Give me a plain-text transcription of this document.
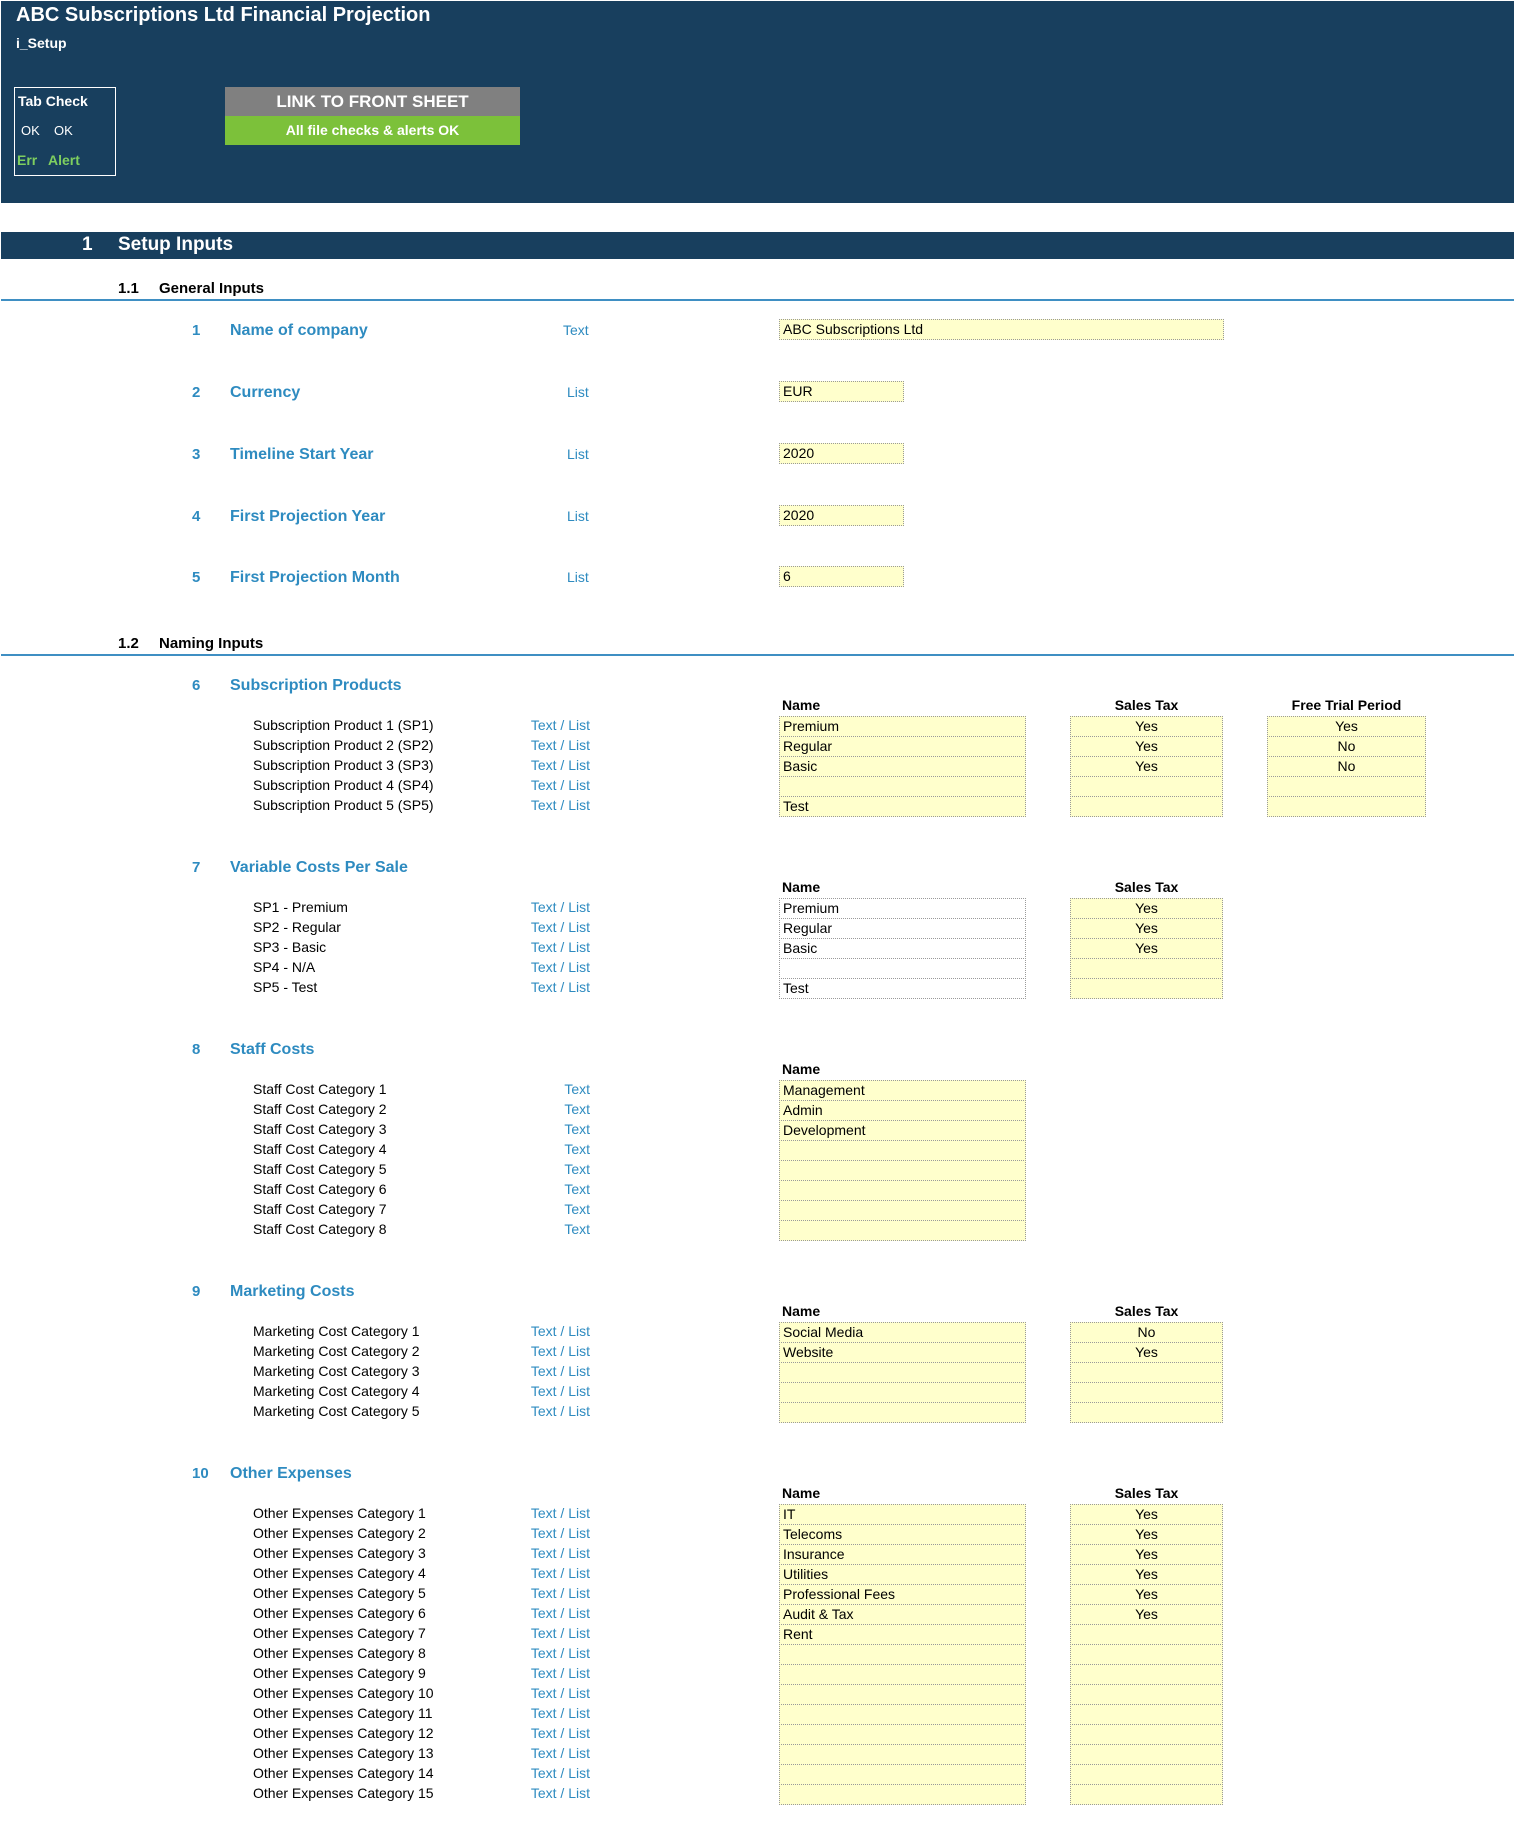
ABC Subscriptions Ltd Financial Projection
i_Setup
Tab Check
OK OK
Err Alert
LINK TO FRONT SHEET
All file checks & alerts OK
1 Setup Inputs
1.1 General Inputs
1 Name of company	Text	ABC Subscriptions Ltd
2 Currency	List	EUR
3 Timeline Start Year	List	2020
4 First Projection Year	List	2020
5 First Projection Month	List	6
1.2 Naming Inputs
6 Subscription Products
Name	Sales Tax	Free Trial Period
Subscription Product 1 (SP1)	Text / List	Premium	Yes	Yes
Subscription Product 2 (SP2)	Text / List	Regular	Yes	No
Subscription Product 3 (SP3)	Text / List	Basic	Yes	No
Subscription Product 4 (SP4)	Text / List
Subscription Product 5 (SP5)	Text / List	Test
7 Variable Costs Per Sale
Name	Sales Tax
SP1 - Premium	Text / List	Premium	Yes
SP2 - Regular	Text / List	Regular	Yes
SP3 - Basic	Text / List	Basic	Yes
SP4 - N/A	Text / List
SP5 - Test	Text / List	Test
8 Staff Costs
Name
Staff Cost Category 1	Text	Management
Staff Cost Category 2	Text	Admin
Staff Cost Category 3	Text	Development
Staff Cost Category 4	Text
Staff Cost Category 5	Text
Staff Cost Category 6	Text
Staff Cost Category 7	Text
Staff Cost Category 8	Text
9 Marketing Costs
Name	Sales Tax
Marketing Cost Category 1	Text / List	Social Media	No
Marketing Cost Category 2	Text / List	Website	Yes
Marketing Cost Category 3	Text / List
Marketing Cost Category 4	Text / List
Marketing Cost Category 5	Text / List
10 Other Expenses
Name	Sales Tax
Other Expenses Category 1	Text / List	IT	Yes
Other Expenses Category 2	Text / List	Telecoms	Yes
Other Expenses Category 3	Text / List	Insurance	Yes
Other Expenses Category 4	Text / List	Utilities	Yes
Other Expenses Category 5	Text / List	Professional Fees	Yes
Other Expenses Category 6	Text / List	Audit & Tax	Yes
Other Expenses Category 7	Text / List	Rent
Other Expenses Category 8	Text / List
Other Expenses Category 9	Text / List
Other Expenses Category 10	Text / List
Other Expenses Category 11	Text / List
Other Expenses Category 12	Text / List
Other Expenses Category 13	Text / List
Other Expenses Category 14	Text / List
Other Expenses Category 15	Text / List
